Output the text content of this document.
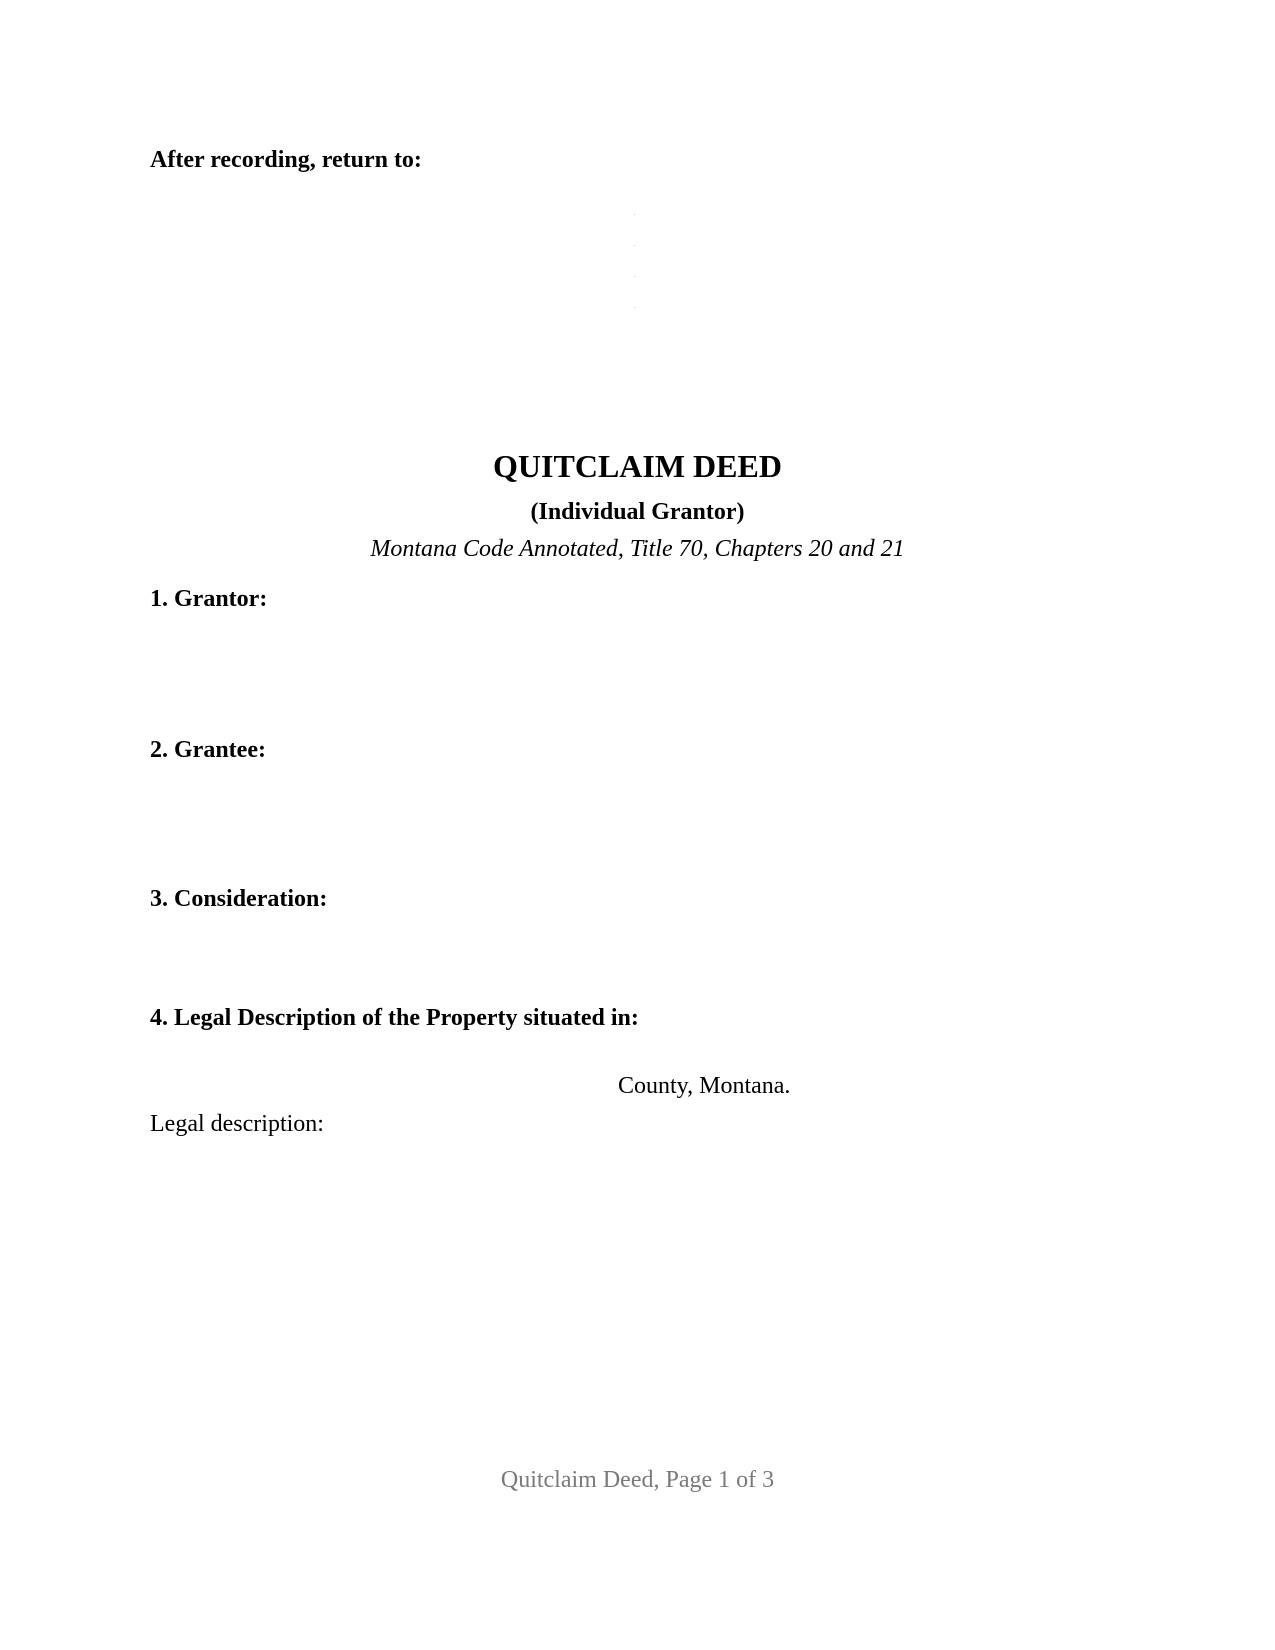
After recording, return to:

QUITCLAIM DEED

(Individual Grantor)

Montana Code Annotated, Title 70, Chapters 20 and 21

1. Grantor:

2. Grantee:

3. Consideration:

4. Legal Description of the Property situated in:

County, Montana.

Legal description:

Quitclaim Deed, Page 1 of 3
